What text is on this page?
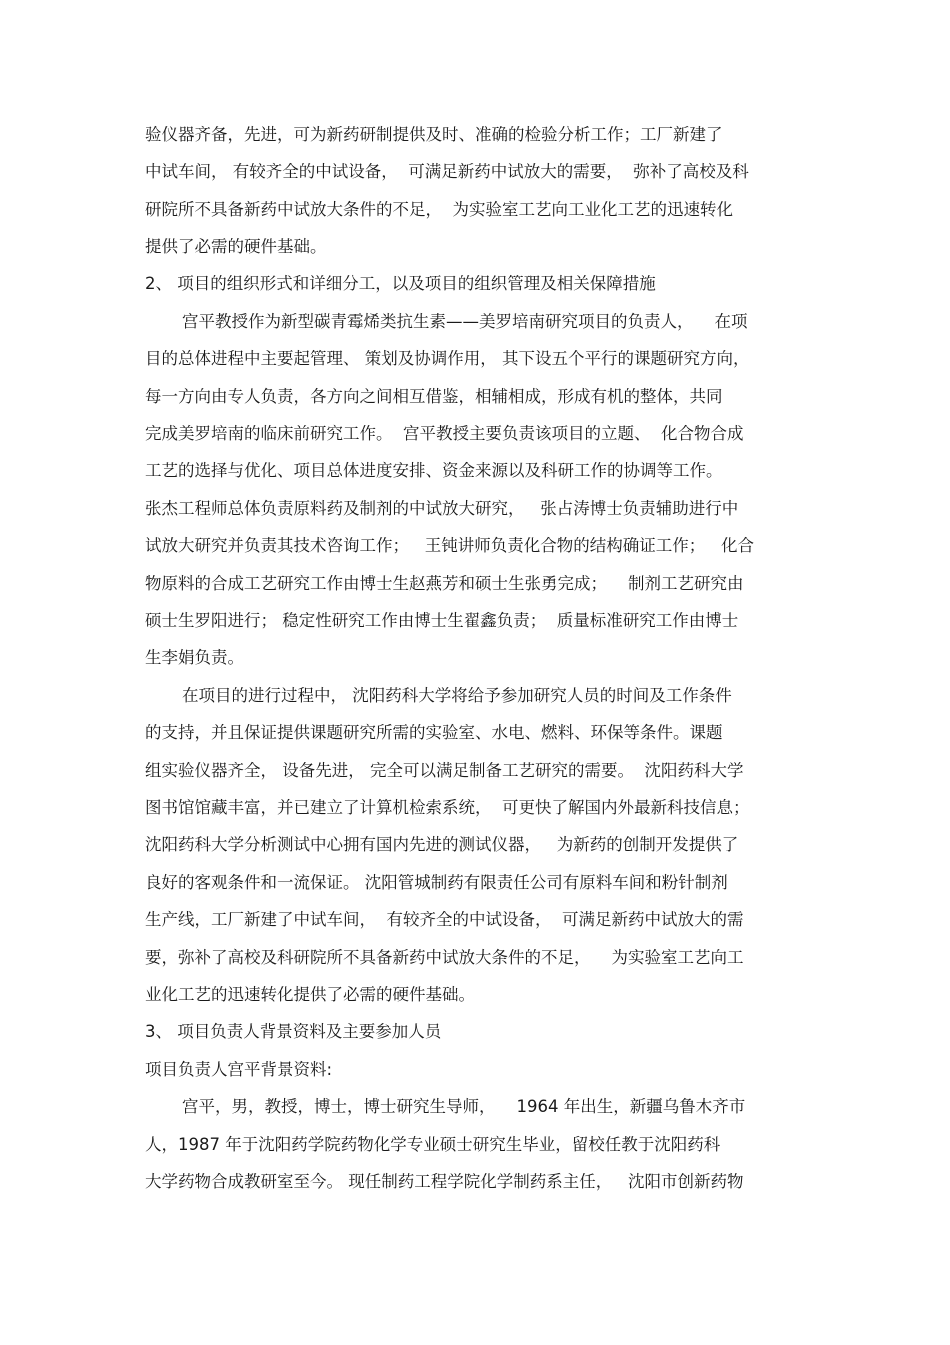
验仪器齐备，先进，可为新药研制提供及时、准确的检验分析工作；工厂新建了
中试车间， 有较齐全的中试设备，  可满足新药中试放大的需要，  弥补了高校及科
研院所不具备新药中试放大条件的不足，  为实验室工艺向工业化工艺的迅速转化
提供了必需的硬件基础。
2、 项目的组织形式和详细分工，以及项目的组织管理及相关保障措施
宫平教授作为新型碳青霉烯类抗生素——美罗培南研究项目的负责人，    在项
目的总体进程中主要起管理、 策划及协调作用， 其下设五个平行的课题研究方向，
每一方向由专人负责，各方向之间相互借鉴，相辅相成，形成有机的整体，共同
完成美罗培南的临床前研究工作。  宫平教授主要负责该项目的立题、  化合物合成
工艺的选择与优化、项目总体进度安排、资金来源以及科研工作的协调等工作。
张杰工程师总体负责原料药及制剂的中试放大研究，   张占涛博士负责辅助进行中
试放大研究并负责其技术咨询工作；   王钝讲师负责化合物的结构确证工作；   化合
物原料的合成工艺研究工作由博士生赵燕芳和硕士生张勇完成；    制剂工艺研究由
硕士生罗阳进行； 稳定性研究工作由博士生翟鑫负责；  质量标准研究工作由博士
生李娟负责。
在项目的进行过程中， 沈阳药科大学将给予参加研究人员的时间及工作条件
的支持，并且保证提供课题研究所需的实验室、水电、燃料、环保等条件。课题
组实验仪器齐全， 设备先进， 完全可以满足制备工艺研究的需要。  沈阳药科大学
图书馆馆藏丰富，并已建立了计算机检索系统，  可更快了解国内外最新科技信息；
沈阳药科大学分析测试中心拥有国内先进的测试仪器，   为新药的创制开发提供了
良好的客观条件和一流保证。 沈阳管城制药有限责任公司有原料车间和粉针制剂
生产线，工厂新建了中试车间，  有较齐全的中试设备，  可满足新药中试放大的需
要，弥补了高校及科研院所不具备新药中试放大条件的不足，    为实验室工艺向工
业化工艺的迅速转化提供了必需的硬件基础。
3、 项目负责人背景资料及主要参加人员
项目负责人宫平背景资料:
宫平，男，教授，博士，博士研究生导师，    1964 年出生，新疆乌鲁木齐市
人，1987 年于沈阳药学院药物化学专业硕士研究生毕业，留校任教于沈阳药科
大学药物合成教研室至今。 现任制药工程学院化学制药系主任，   沈阳市创新药物
